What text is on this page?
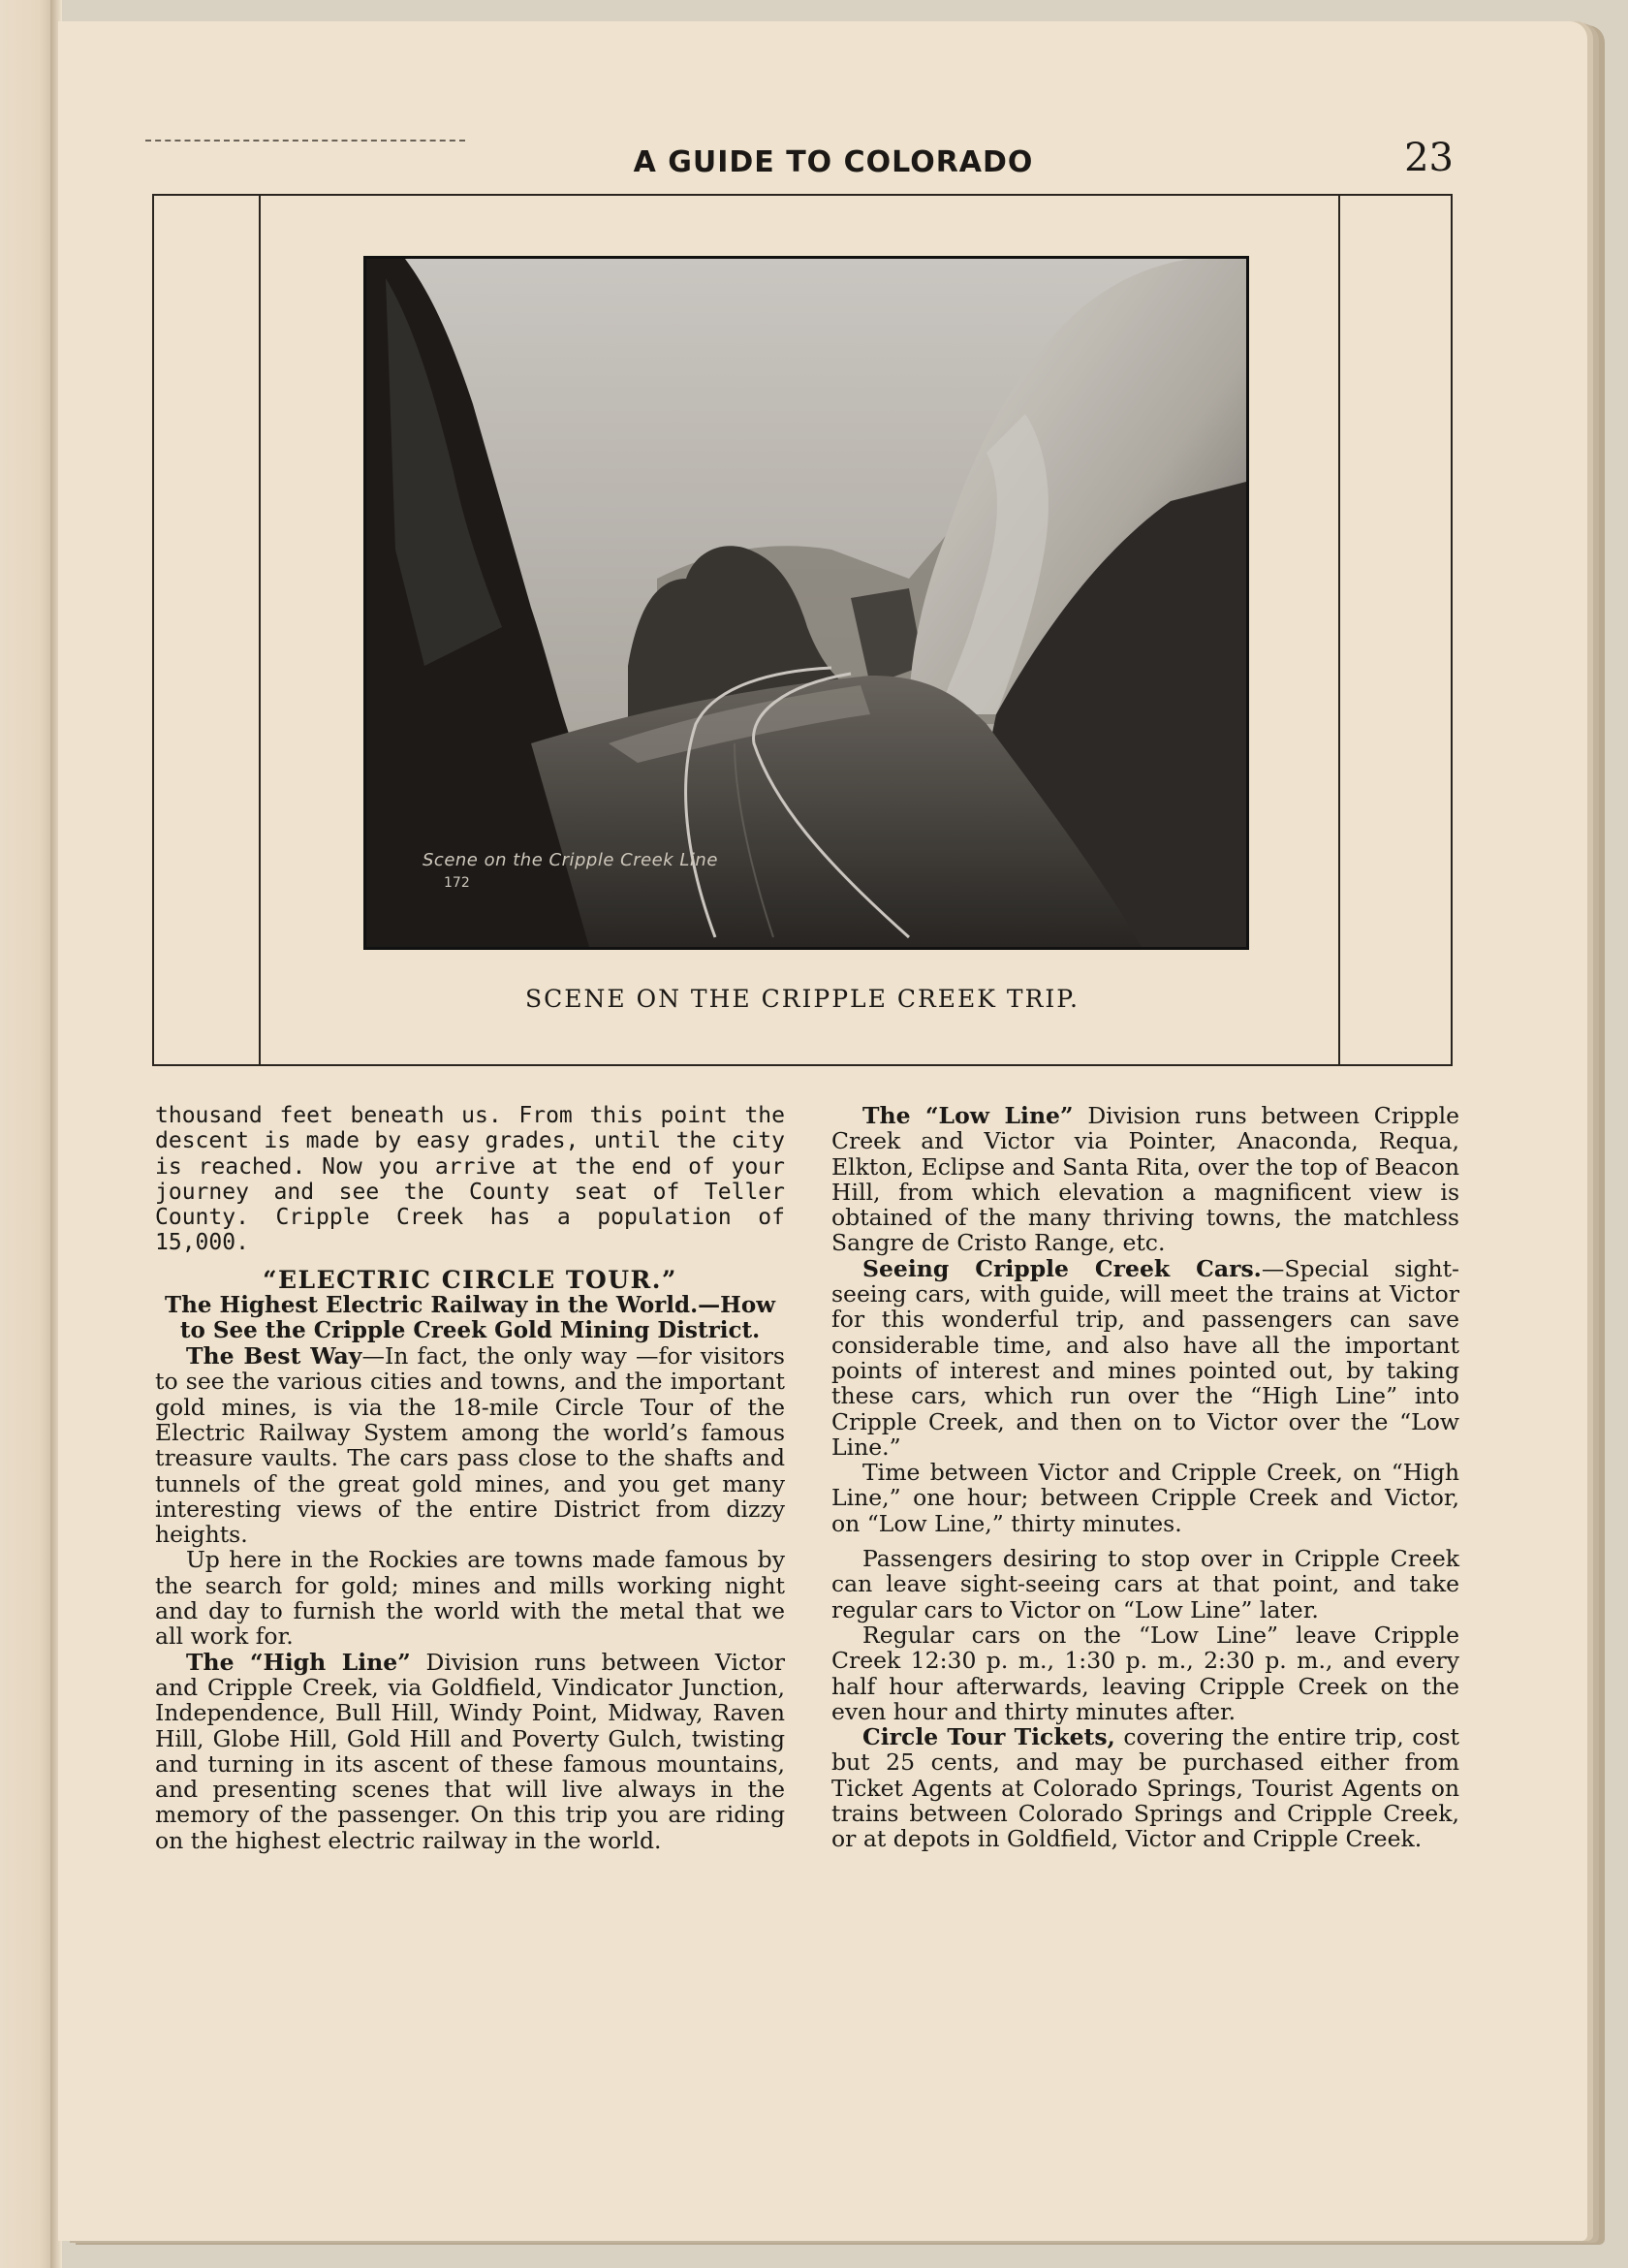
A GUIDE TO COLORADO	23
Scene on the Cripple Creek Line
172
SCENE ON THE CRIPPLE CREEK TRIP.

thousand feet beneath us. From this point the descent is made by easy grades, until the city is reached. Now you arrive at the end of your journey and see the County seat of Teller County. Cripple Creek has a population of 15,000.

“ELECTRIC CIRCLE TOUR.”

The Highest Electric Railway in the World.—How to See the Cripple Creek Gold Mining District.

The Best Way—In fact, the only way —for visitors to see the various cities and towns, and the important gold mines, is via the 18-mile Circle Tour of the Electric Railway System among the world’s famous treasure vaults. The cars pass close to the shafts and tunnels of the great gold mines, and you get many interesting views of the entire District from dizzy heights.

Up here in the Rockies are towns made famous by the search for gold; mines and mills working night and day to furnish the world with the metal that we all work for.

The “High Line” Division runs between Victor and Cripple Creek, via Goldfield, Vindicator Junction, Independence, Bull Hill, Windy Point, Midway, Raven Hill, Globe Hill, Gold Hill and Poverty Gulch, twisting and turning in its ascent of these famous mountains, and presenting scenes that will live always in the memory of the passenger. On this trip you are riding on the highest electric railway in the world.

The “Low Line” Division runs between Cripple Creek and Victor via Pointer, Anaconda, Requa, Elkton, Eclipse and Santa Rita, over the top of Beacon Hill, from which elevation a magnificent view is obtained of the many thriving towns, the matchless Sangre de Cristo Range, etc.

Seeing Cripple Creek Cars.—Special sight-seeing cars, with guide, will meet the trains at Victor for this wonderful trip, and passengers can save considerable time, and also have all the important points of interest and mines pointed out, by taking these cars, which run over the “High Line” into Cripple Creek, and then on to Victor over the “Low Line.”

Time between Victor and Cripple Creek, on “High Line,” one hour; between Cripple Creek and Victor, on “Low Line,” thirty minutes.

Passengers desiring to stop over in Cripple Creek can leave sight-seeing cars at that point, and take regular cars to Victor on “Low Line” later.

Regular cars on the “Low Line” leave Cripple Creek 12:30 p. m., 1:30 p. m., 2:30 p. m., and every half hour afterwards, leaving Cripple Creek on the even hour and thirty minutes after.

Circle Tour Tickets, covering the entire trip, cost but 25 cents, and may be purchased either from Ticket Agents at Colorado Springs, Tourist Agents on trains between Colorado Springs and Cripple Creek, or at depots in Goldfield, Victor and Cripple Creek.
